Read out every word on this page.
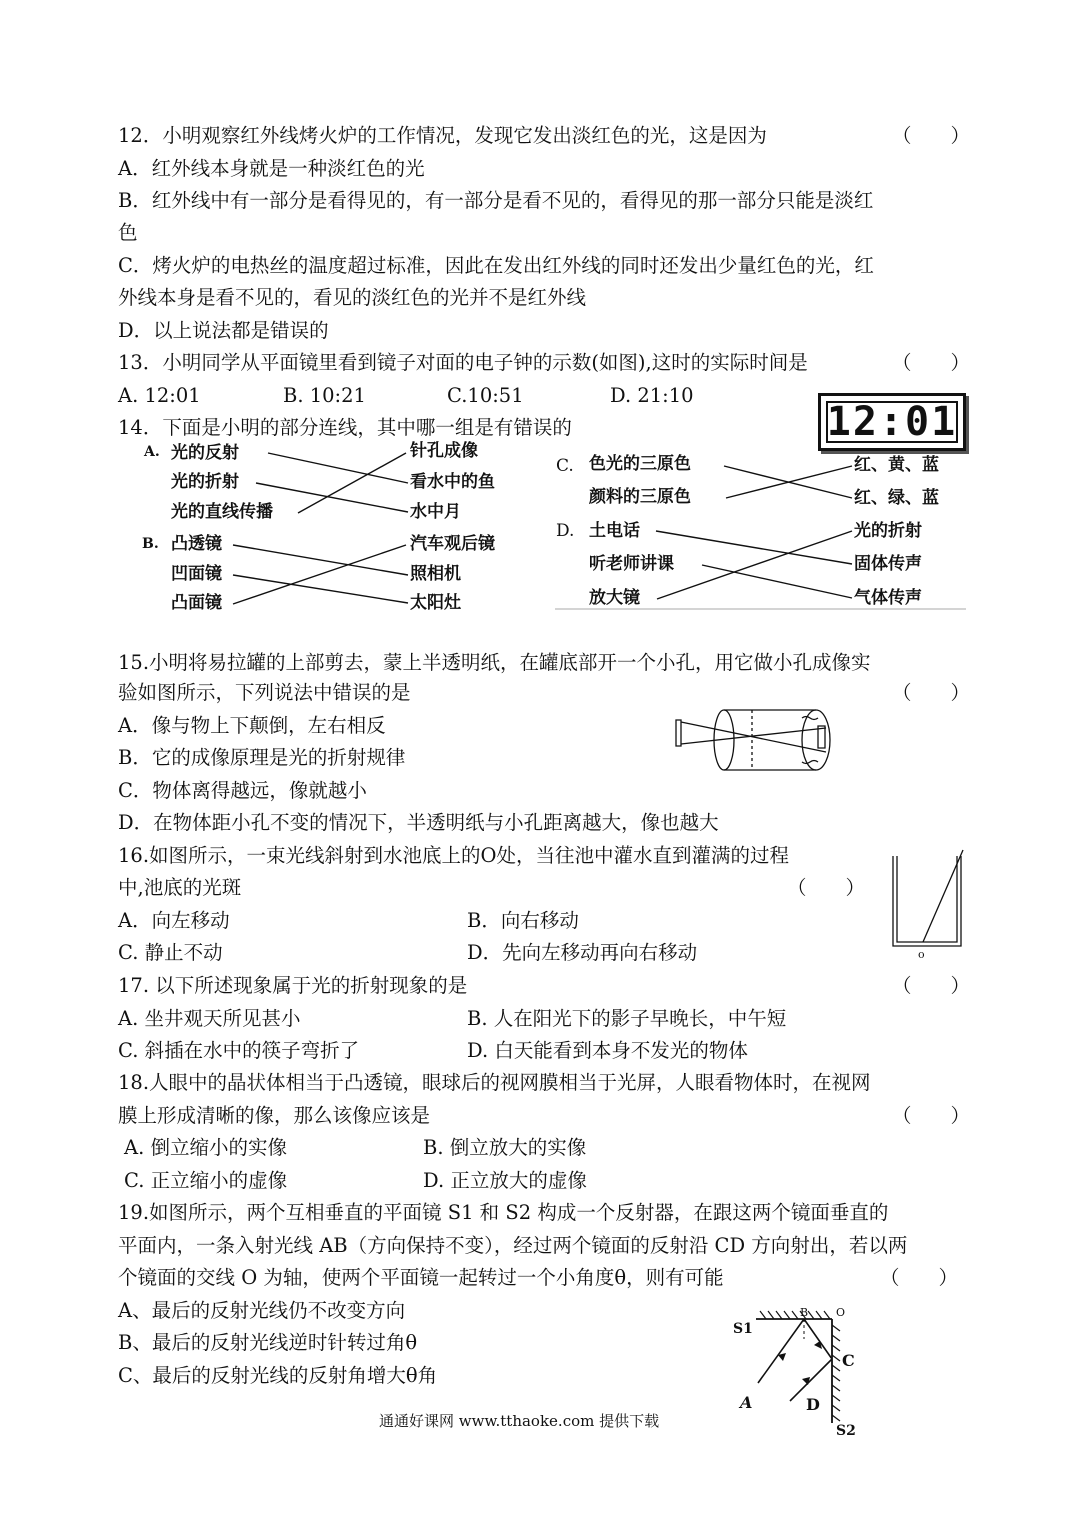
12．小明观察红外线烤火炉的工作情况，发现它发出淡红色的光，这是因为	（　　）
A．红外线本身就是一种淡红色的光
B．红外线中有一部分是看得见的，有一部分是看不见的，看得见的那一部分只能是淡红
色
C．烤火炉的电热丝的温度超过标准，因此在发出红外线的同时还发出少量红色的光，红
外线本身是看不见的，看见的淡红色的光并不是红外线
D．以上说法都是错误的
13．小明同学从平面镜里看到镜子对面的电子钟的示数(如图),这时的实际时间是	（　　）
A. 12:01	B. 10:21	C.10:51	D. 21:10
12:01
14．下面是小明的部分连线，其中哪一组是有错误的
A. 光的反射
光的折射
光的直线传播
针孔成像
看水中的鱼
水中月
B. 凸透镜
凹面镜
凸面镜
汽车观后镜
照相机
太阳灶
C. 色光的三原色
颜料的三原色
红、黄、蓝
红、绿、蓝
D. 土电话
听老师讲课
放大镜
光的折射
固体传声
气体传声
15.小明将易拉罐的上部剪去，蒙上半透明纸，在罐底部开一个小孔，用它做小孔成像实
验如图所示，下列说法中错误的是	（　　）
A．像与物上下颠倒，左右相反
B．它的成像原理是光的折射规律
C．物体离得越远，像就越小
D．在物体距小孔不变的情况下，半透明纸与小孔距离越大，像也越大
16.如图所示，一束光线斜射到水池底上的O处，当往池中灌水直到灌满的过程
中,池底的光斑	（　　）
A．向左移动	B．向右移动
C. 静止不动	D．先向左移动再向右移动	o
17. 以下所述现象属于光的折射现象的是	（　　）
A. 坐井观天所见甚小	B. 人在阳光下的影子早晚长，中午短
C. 斜插在水中的筷子弯折了	D. 白天能看到本身不发光的物体
18.人眼中的晶状体相当于凸透镜，眼球后的视网膜相当于光屏，人眼看物体时，在视网
膜上形成清晰的像，那么该像应该是	（　　）
A. 倒立缩小的实像	B. 倒立放大的实像
C. 正立缩小的虚像	D. 正立放大的虚像
19.如图所示，两个互相垂直的平面镜 S1 和 S2 构成一个反射器，在跟这两个镜面垂直的
平面内，一条入射光线 AB（方向保持不变），经过两个镜面的反射沿 CD 方向射出，若以两
个镜面的交线 O 为轴，使两个平面镜一起转过一个小角度θ，则有可能	（　　）
A、最后的反射光线仍不改变方向
B、最后的反射光线逆时针转过角θ
C、最后的反射光线的反射角增大θ角
S1
B	O
A
C
D
S2
通通好课网 www.tthaoke.com 提供下载
